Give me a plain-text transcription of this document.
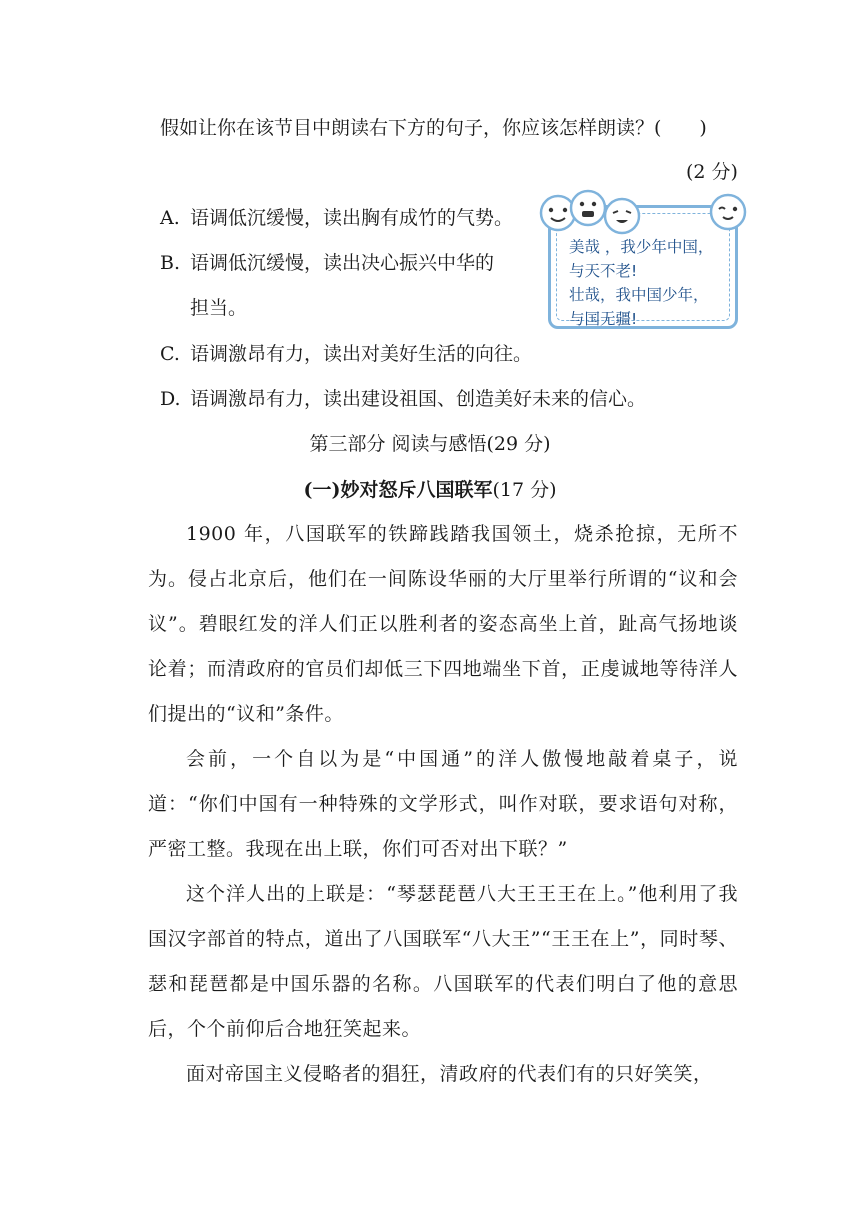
假如让你在该节目中朗读右下方的句子，你应该怎样朗读？(　　)
(2 分)
A. 语调低沉缓慢，读出胸有成竹的气势。
B. 语调低沉缓慢，读出决心振兴中华的
担当。
C. 语调激昂有力，读出对美好生活的向往。
D. 语调激昂有力，读出建设祖国、创造美好未来的信心。
美哉 ，我少年中国，
与天不老!
壮哉，我中国少年，
与国无疆!
第三部分 阅读与感悟(29 分)
(一)妙对怒斥八国联军(17 分)

1900 年，八国联军的铁蹄践踏我国领土，烧杀抢掠，无所不为。侵占北京后，他们在一间陈设华丽的大厅里举行所谓的“议和会议”。碧眼红发的洋人们正以胜利者的姿态高坐上首，趾高气扬地谈论着；而清政府的官员们却低三下四地端坐下首，正虔诚地等待洋人们提出的“议和”条件。

会前，一个自以为是“中国通”的洋人傲慢地敲着桌子，说道：“你们中国有一种特殊的文学形式，叫作对联，要求语句对称，严密工整。我现在出上联，你们可否对出下联？”

这个洋人出的上联是：“琴瑟琵琶八大王王王在上。”他利用了我国汉字部首的特点，道出了八国联军“八大王”“王王在上”，同时琴、瑟和琵琶都是中国乐器的名称。八国联军的代表们明白了他的意思后，个个前仰后合地狂笑起来。

面对帝国主义侵略者的猖狂，清政府的代表们有的只好笑笑，
